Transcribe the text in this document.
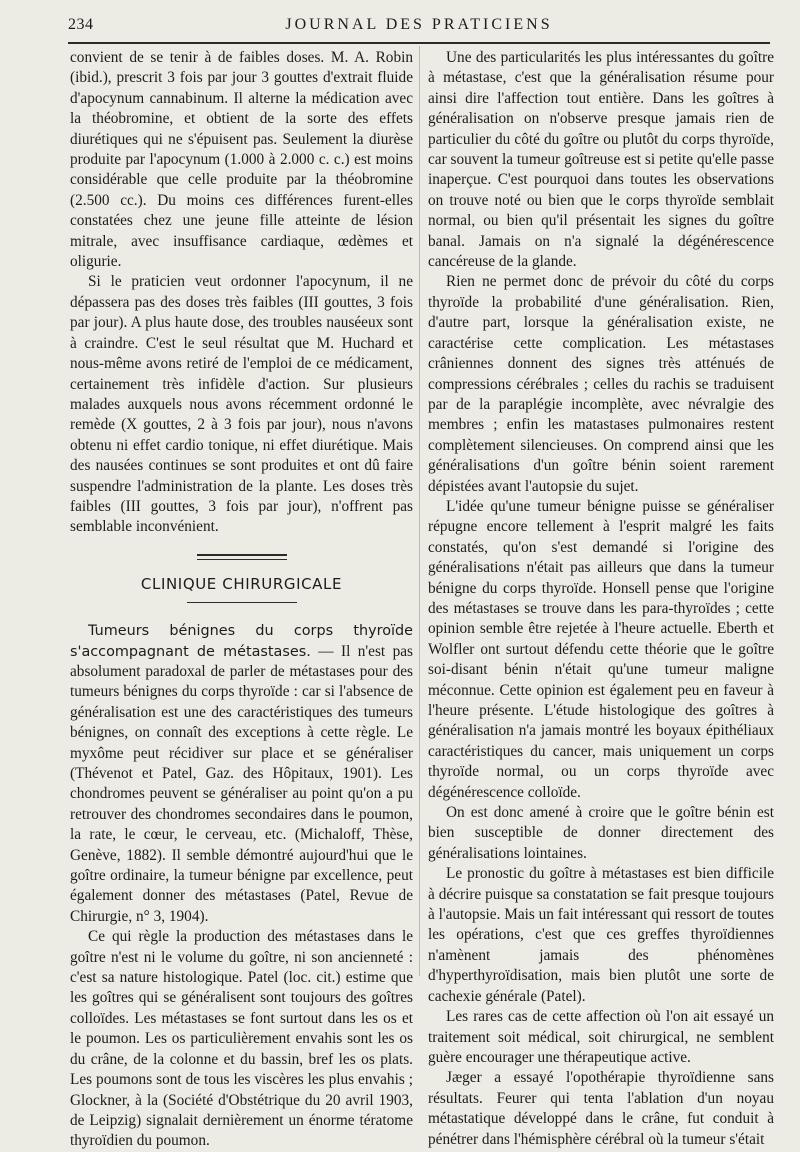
234	JOURNAL DES PRATICIENS

convient de se tenir à de faibles doses. M. A. Robin (ibid.), prescrit 3 fois par jour 3 gouttes d'extrait fluide d'apocynum cannabinum. Il alterne la médication avec la théobromine, et obtient de la sorte des effets diurétiques qui ne s'épuisent pas. Seulement la diurèse produite par l'apocynum (1.000 à 2.000 c. c.) est moins considérable que celle produite par la théobromine (2.500 cc.). Du moins ces différences furent-elles constatées chez une jeune fille atteinte de lésion mitrale, avec insuffisance cardiaque, œdèmes et oligurie.

Si le praticien veut ordonner l'apocynum, il ne dépassera pas des doses très faibles (III gouttes, 3 fois par jour). A plus haute dose, des troubles nauséeux sont à craindre. C'est le seul résultat que M. Huchard et nous-même avons retiré de l'emploi de ce médicament, certainement très infidèle d'action. Sur plusieurs malades auxquels nous avons récemment ordonné le remède (X gouttes, 2 à 3 fois par jour), nous n'avons obtenu ni effet cardio tonique, ni effet diurétique. Mais des nausées continues se sont produites et ont dû faire suspendre l'administration de la plante. Les doses très faibles (III gouttes, 3 fois par jour), n'offrent pas semblable inconvénient.

CLINIQUE CHIRURGICALE

Tumeurs bénignes du corps thyroïde s'accompagnant de métastases. — Il n'est pas absolument paradoxal de parler de métastases pour des tumeurs bénignes du corps thyroïde : car si l'absence de généralisation est une des caractéristiques des tumeurs bénignes, on connaît des exceptions à cette règle. Le myxôme peut récidiver sur place et se généraliser (Thévenot et Patel, Gaz. des Hôpitaux, 1901). Les chondromes peuvent se généraliser au point qu'on a pu retrouver des chondromes secondaires dans le poumon, la rate, le cœur, le cerveau, etc. (Michaloff, Thèse, Genève, 1882). Il semble démontré aujourd'hui que le goître ordinaire, la tumeur bénigne par excellence, peut également donner des métastases (Patel, Revue de Chirurgie, n° 3, 1904).

Ce qui règle la production des métastases dans le goître n'est ni le volume du goître, ni son ancienneté : c'est sa nature histologique. Patel (loc. cit.) estime que les goîtres qui se généralisent sont toujours des goîtres colloïdes. Les métastases se font surtout dans les os et le poumon. Les os particulièrement envahis sont les os du crâne, de la colonne et du bassin, bref les os plats. Les poumons sont de tous les viscères les plus envahis ; Glockner, à la (Société d'Obstétrique du 20 avril 1903, de Leipzig) signalait dernièrement un énorme tératome thyroïdien du poumon.

Une des particularités les plus intéressantes du goître à métastase, c'est que la généralisation résume pour ainsi dire l'affection tout entière. Dans les goîtres à généralisation on n'observe presque jamais rien de particulier du côté du goître ou plutôt du corps thyroïde, car souvent la tumeur goîtreuse est si petite qu'elle passe inaperçue. C'est pourquoi dans toutes les observations on trouve noté ou bien que le corps thyroïde semblait normal, ou bien qu'il présentait les signes du goître banal. Jamais on n'a signalé la dégénérescence cancéreuse de la glande.

Rien ne permet donc de prévoir du côté du corps thyroïde la probabilité d'une généralisation. Rien, d'autre part, lorsque la généralisation existe, ne caractérise cette complication. Les métastases crâniennes donnent des signes très atténués de compressions cérébrales ; celles du rachis se traduisent par de la paraplégie incomplète, avec névralgie des membres ; enfin les matastases pulmonaires restent complètement silencieuses. On comprend ainsi que les généralisations d'un goître bénin soient rarement dépistées avant l'autopsie du sujet.

L'idée qu'une tumeur bénigne puisse se généraliser répugne encore tellement à l'esprit malgré les faits constatés, qu'on s'est demandé si l'origine des généralisations n'était pas ailleurs que dans la tumeur bénigne du corps thyroïde. Honsell pense que l'origine des métastases se trouve dans les para-thyroïdes ; cette opinion semble être rejetée à l'heure actuelle. Eberth et Wolfler ont surtout défendu cette théorie que le goître soi-disant bénin n'était qu'une tumeur maligne méconnue. Cette opinion est également peu en faveur à l'heure présente. L'étude histologique des goîtres à généralisation n'a jamais montré les boyaux épithéliaux caractéristiques du cancer, mais uniquement un corps thyroïde normal, ou un corps thyroïde avec dégénérescence colloïde.

On est donc amené à croire que le goître bénin est bien susceptible de donner directement des généralisations lointaines.

Le pronostic du goître à métastases est bien difficile à décrire puisque sa constatation se fait presque toujours à l'autopsie. Mais un fait intéressant qui ressort de toutes les opérations, c'est que ces greffes thyroïdiennes n'amènent jamais des phénomènes d'hyperthyroïdisation, mais bien plutôt une sorte de cachexie générale (Patel).

Les rares cas de cette affection où l'on ait essayé un traitement soit médical, soit chirurgical, ne semblent guère encourager une thérapeutique active.

Jæger a essayé l'opothérapie thyroïdienne sans résultats. Feurer qui tenta l'ablation d'un noyau métastatique développé dans le crâne, fut conduit à pénétrer dans l'hémisphère cérébral où la tumeur s'était
